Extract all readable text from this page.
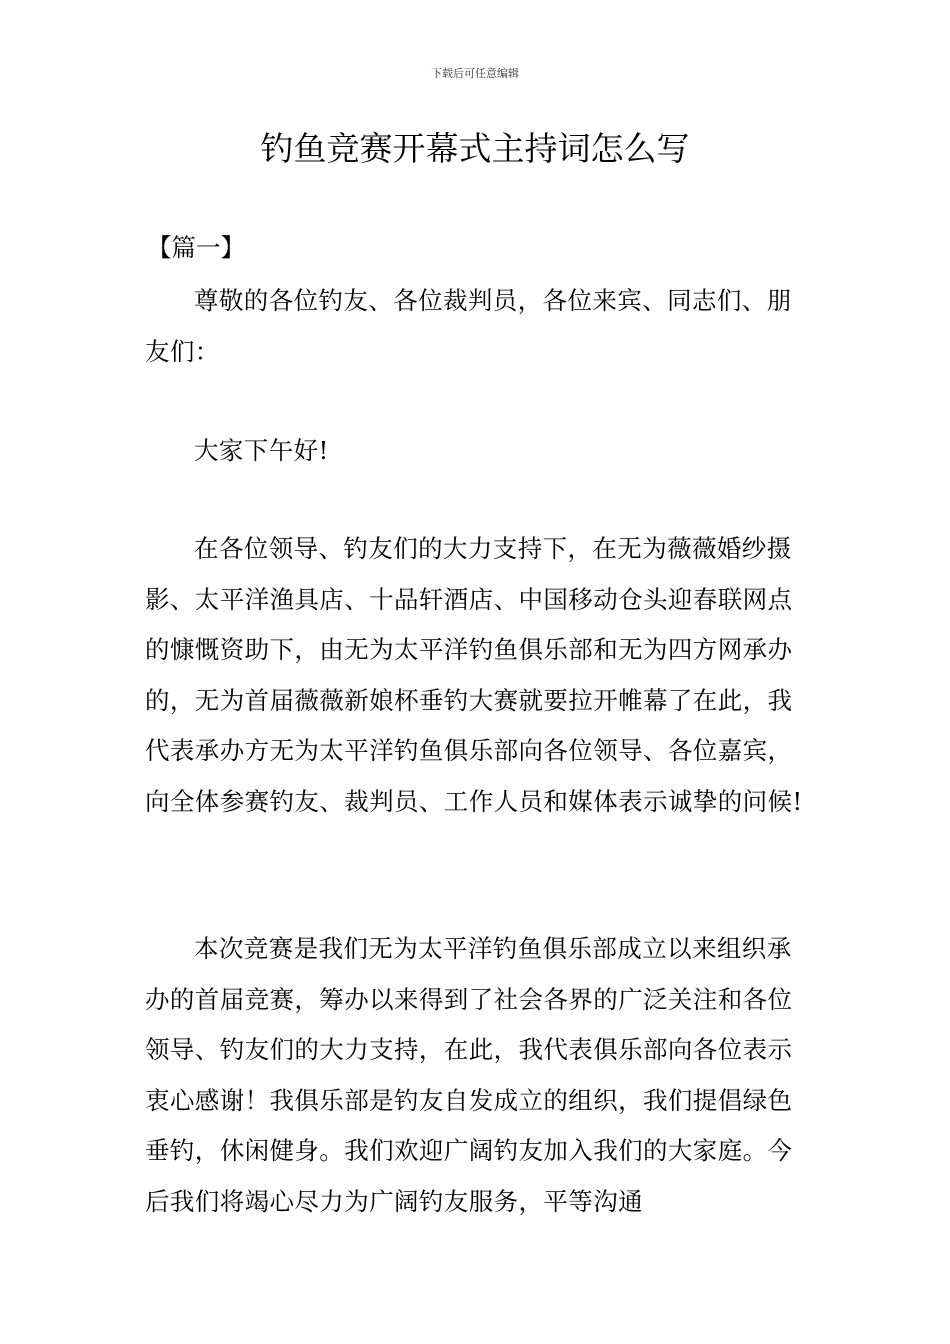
下载后可任意编辑
钓鱼竞赛开幕式主持词怎么写
【篇一】

尊敬的各位钓友、各位裁判员，各位来宾、同志们、朋友们：

大家下午好!

在各位领导、钓友们的大力支持下，在无为薇薇婚纱摄影、太平洋渔具店、十品轩酒店、中国移动仓头迎春联网点的慷慨资助下，由无为太平洋钓鱼俱乐部和无为四方网承办的，无为首届薇薇新娘杯垂钓大赛就要拉开帷幕了在此，我代表承办方无为太平洋钓鱼俱乐部向各位领导、各位嘉宾，向全体参赛钓友、裁判员、工作人员和媒体表示诚挚的问候!

本次竞赛是我们无为太平洋钓鱼俱乐部成立以来组织承办的首届竞赛，筹办以来得到了社会各界的广泛关注和各位领导、钓友们的大力支持，在此，我代表俱乐部向各位表示衷心感谢！我俱乐部是钓友自发成立的组织，我们提倡绿色垂钓，休闲健身。我们欢迎广阔钓友加入我们的大家庭。今后我们将竭心尽力为广阔钓友服务，平等沟通
